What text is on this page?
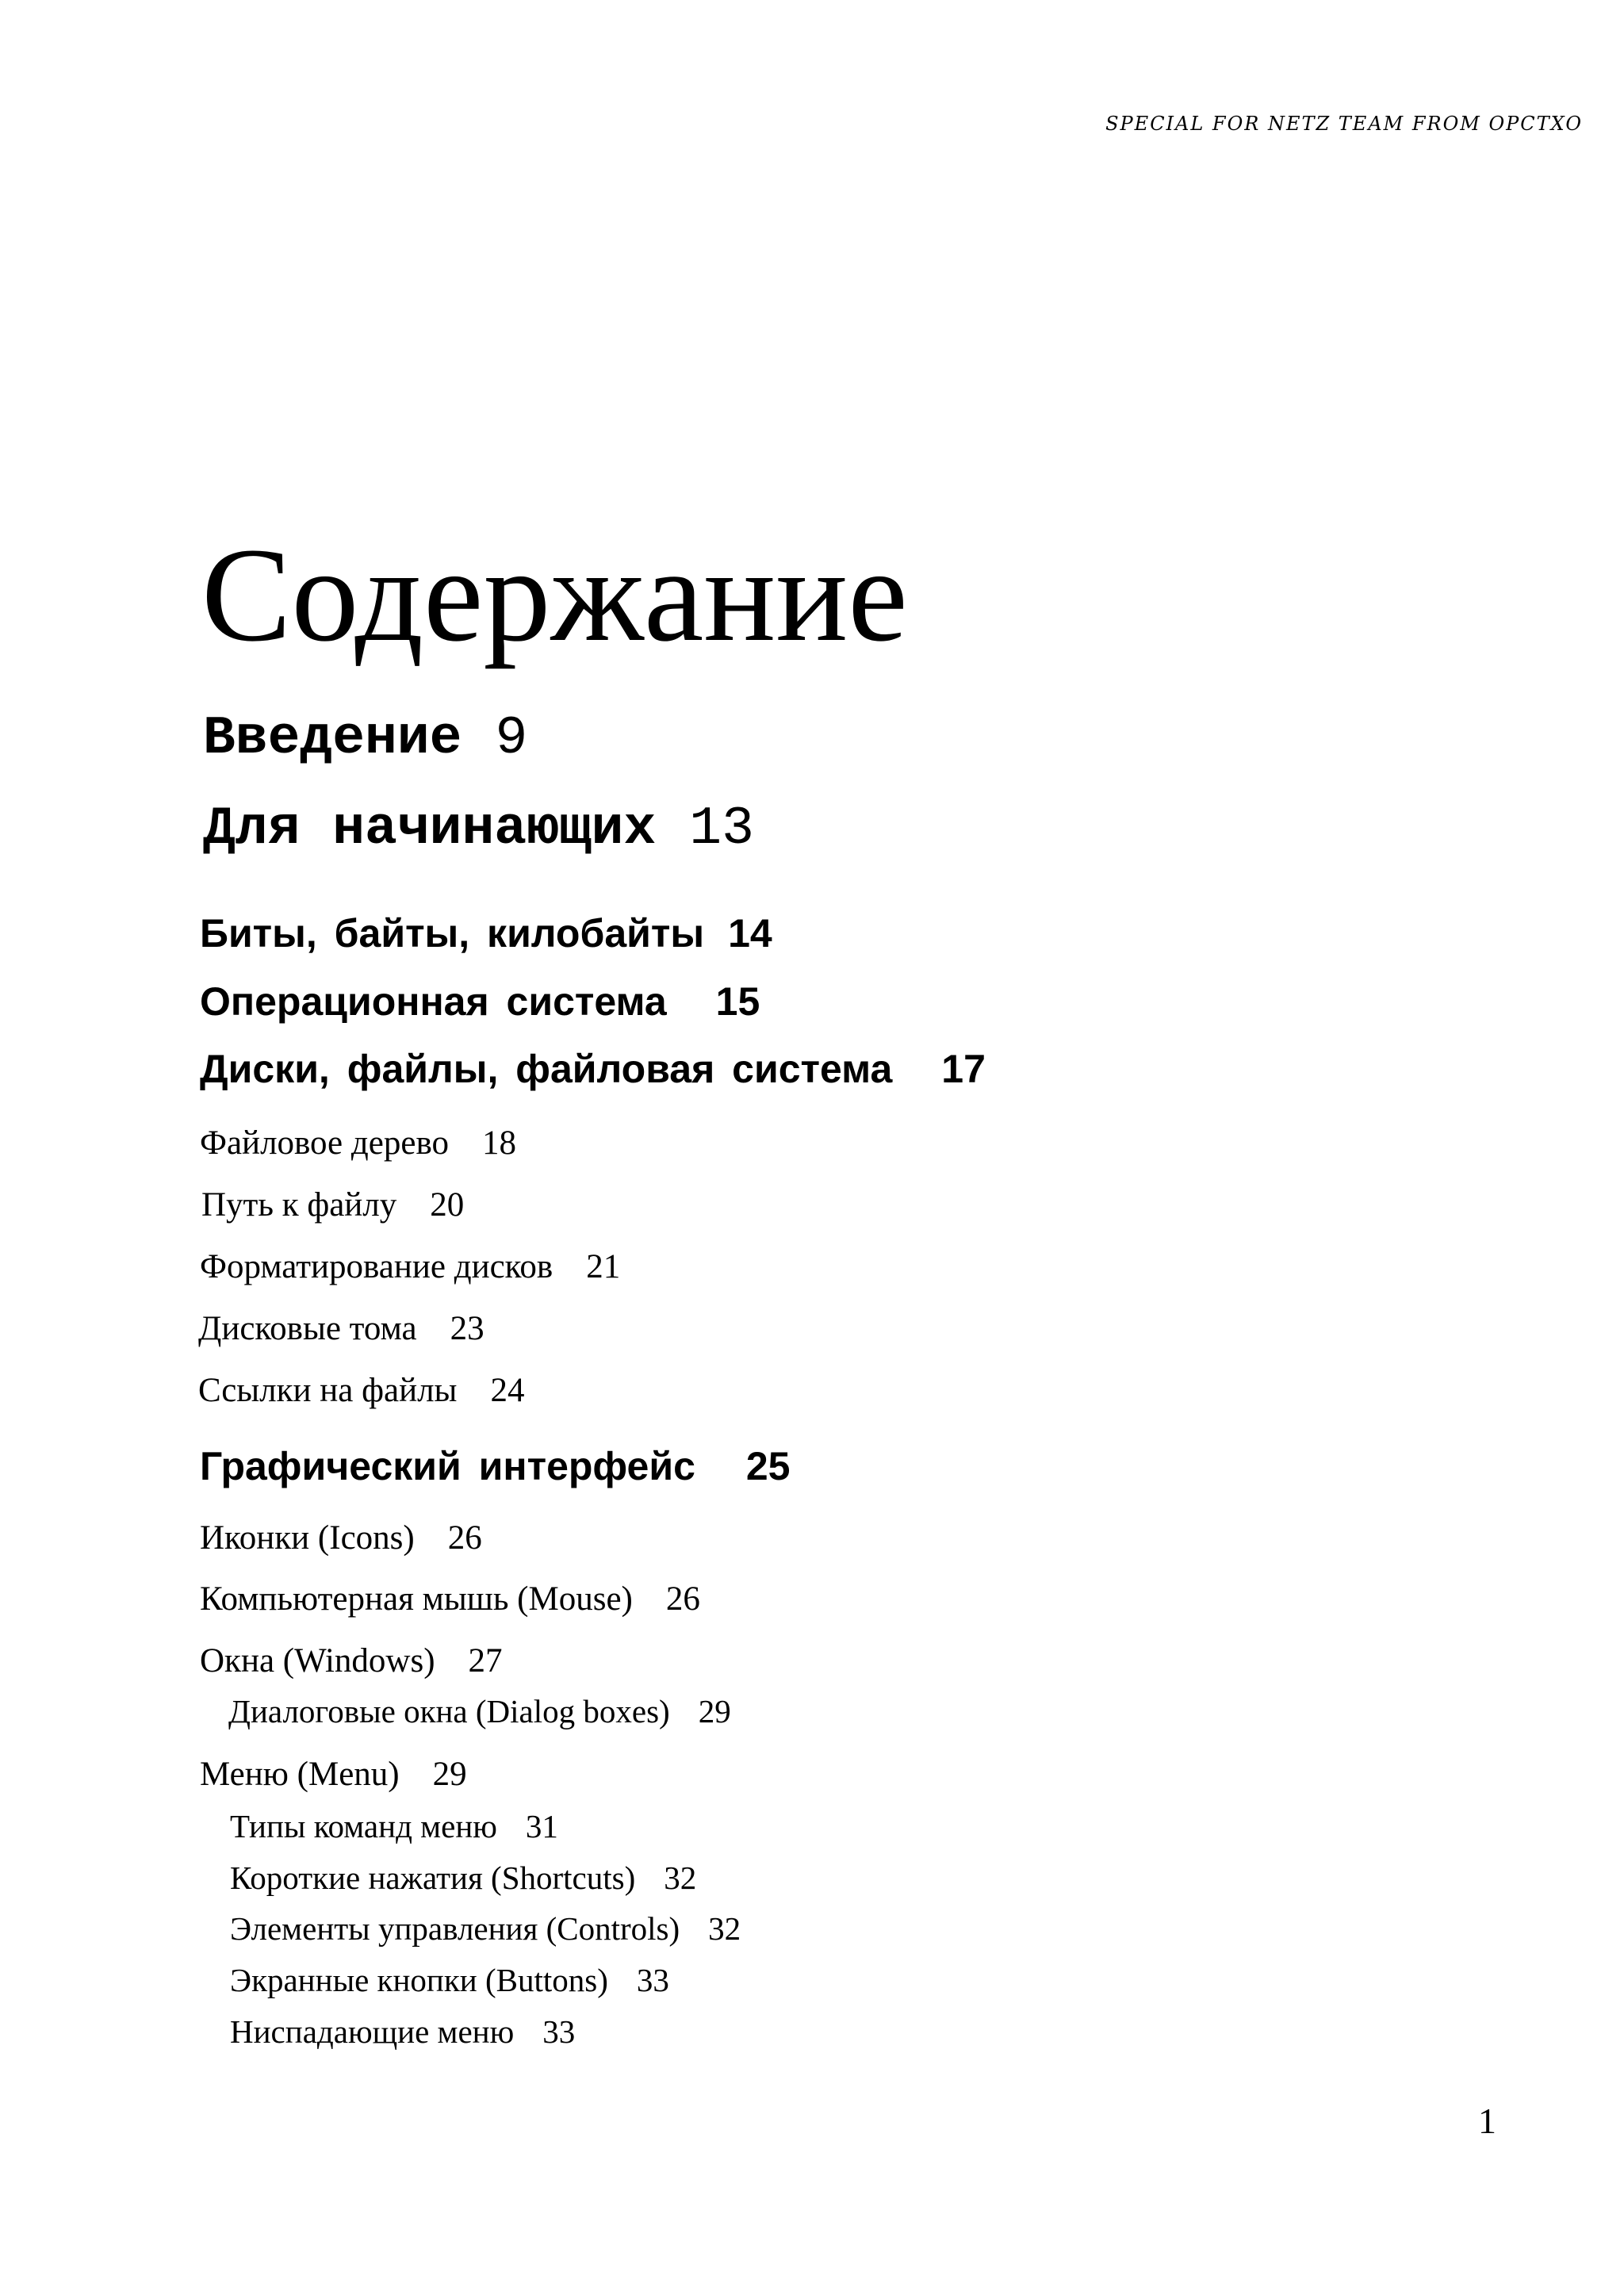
SPECIAL FOR NETZ TEAM FROM OPCTXO
Содержание
Введение 9
Для начинающих 13
Биты, байты, килобайты 14
Операционная система 15
Диски, файлы, файловая система 17
Файловое дерево 18
Путь к файлу 20
Форматирование дисков 21
Дисковые тома 23
Ссылки на файлы 24
Графический интерфейс 25
Иконки (Icons) 26
Компьютерная мышь (Mouse) 26
Окна (Windows) 27
Диалоговые окна (Dialog boxes) 29
Меню (Menu) 29
Типы команд меню 31
Короткие нажатия (Shortcuts) 32
Элементы управления (Controls) 32
Экранные кнопки (Buttons) 33
Ниспадающие меню 33
1
